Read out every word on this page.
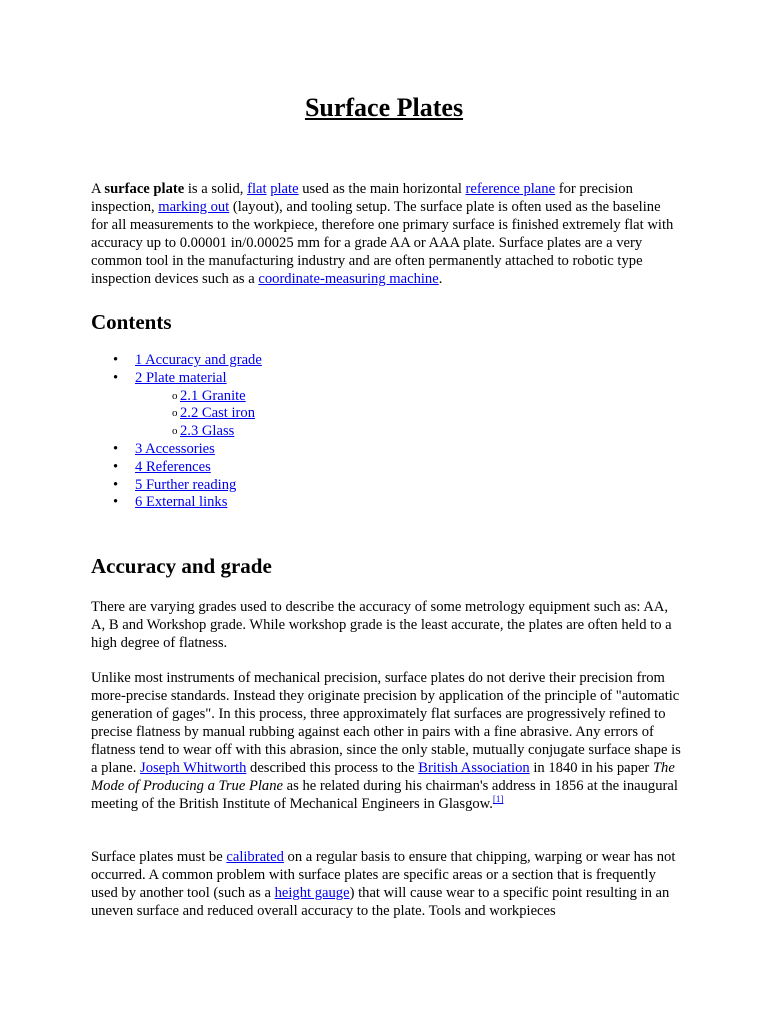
Surface Plates

A surface plate is a solid, flat plate used as the main horizontal reference plane for precision inspection, marking out (layout), and tooling setup. The surface plate is often used as the baseline for all measurements to the workpiece, therefore one primary surface is finished extremely flat with accuracy up to 0.00001 in/0.00025 mm for a grade AA or AAA plate. Surface plates are a very common tool in the manufacturing industry and are often permanently attached to robotic type inspection devices such as a coordinate-measuring machine.

Contents
• 1 Accuracy and grade
• 2 Plate material
o 2.1 Granite
o 2.2 Cast iron
o 2.3 Glass
• 3 Accessories
• 4 References
• 5 Further reading
• 6 External links
Accuracy and grade

There are varying grades used to describe the accuracy of some metrology equipment such as: AA, A, B and Workshop grade. While workshop grade is the least accurate, the plates are often held to a high degree of flatness.

Unlike most instruments of mechanical precision, surface plates do not derive their precision from more-precise standards. Instead they originate precision by application of the principle of "automatic generation of gages". In this process, three approximately flat surfaces are progressively refined to precise flatness by manual rubbing against each other in pairs with a fine abrasive. Any errors of flatness tend to wear off with this abrasion, since the only stable, mutually conjugate surface shape is a plane. Joseph Whitworth described this process to the British Association in 1840 in his paper The Mode of Producing a True Plane as he related during his chairman's address in 1856 at the inaugural meeting of the British Institute of Mechanical Engineers in Glasgow.[1]

Surface plates must be calibrated on a regular basis to ensure that chipping, warping or wear has not occurred. A common problem with surface plates are specific areas or a section that is frequently used by another tool (such as a height gauge) that will cause wear to a specific point resulting in an uneven surface and reduced overall accuracy to the plate. Tools and workpieces
